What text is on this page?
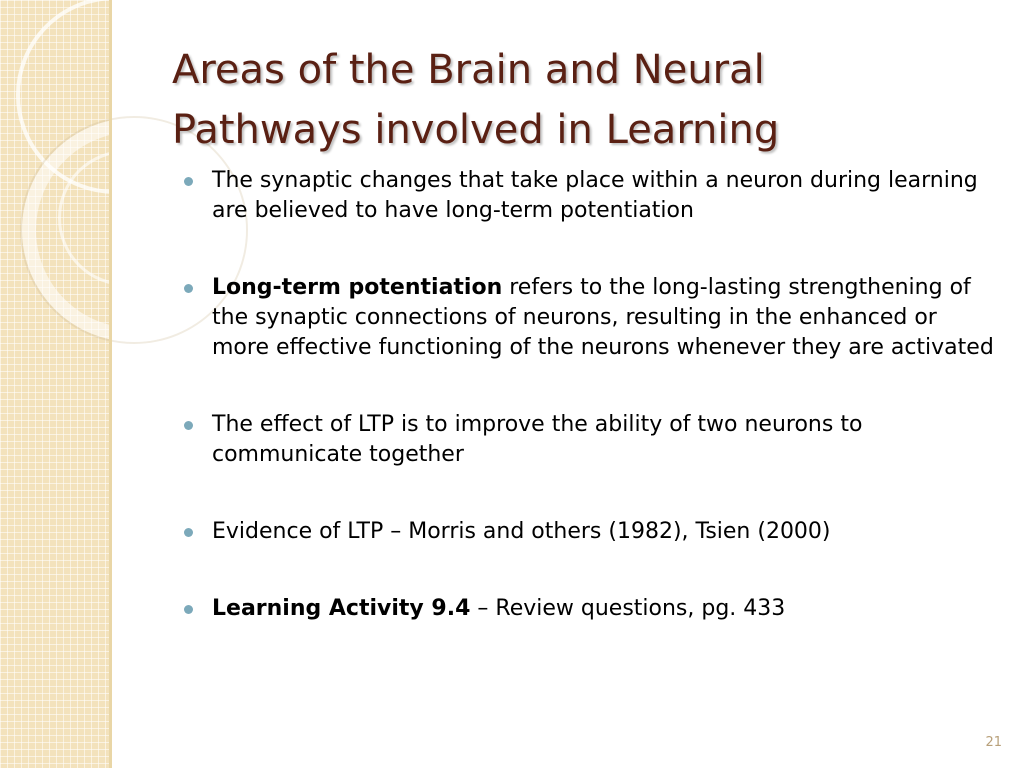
Areas of the Brain and Neural
Pathways involved in Learning
The synaptic changes that take place within a neuron during learning are believed to have long-term potentiation
Long-term potentiation refers to the long-lasting strengthening of the synaptic connections of neurons, resulting in the enhanced or more effective functioning of the neurons whenever they are activated
The effect of LTP is to improve the ability of two neurons to communicate together
Evidence of LTP – Morris and others (1982), Tsien (2000)
Learning Activity 9.4 – Review questions, pg. 433
21
